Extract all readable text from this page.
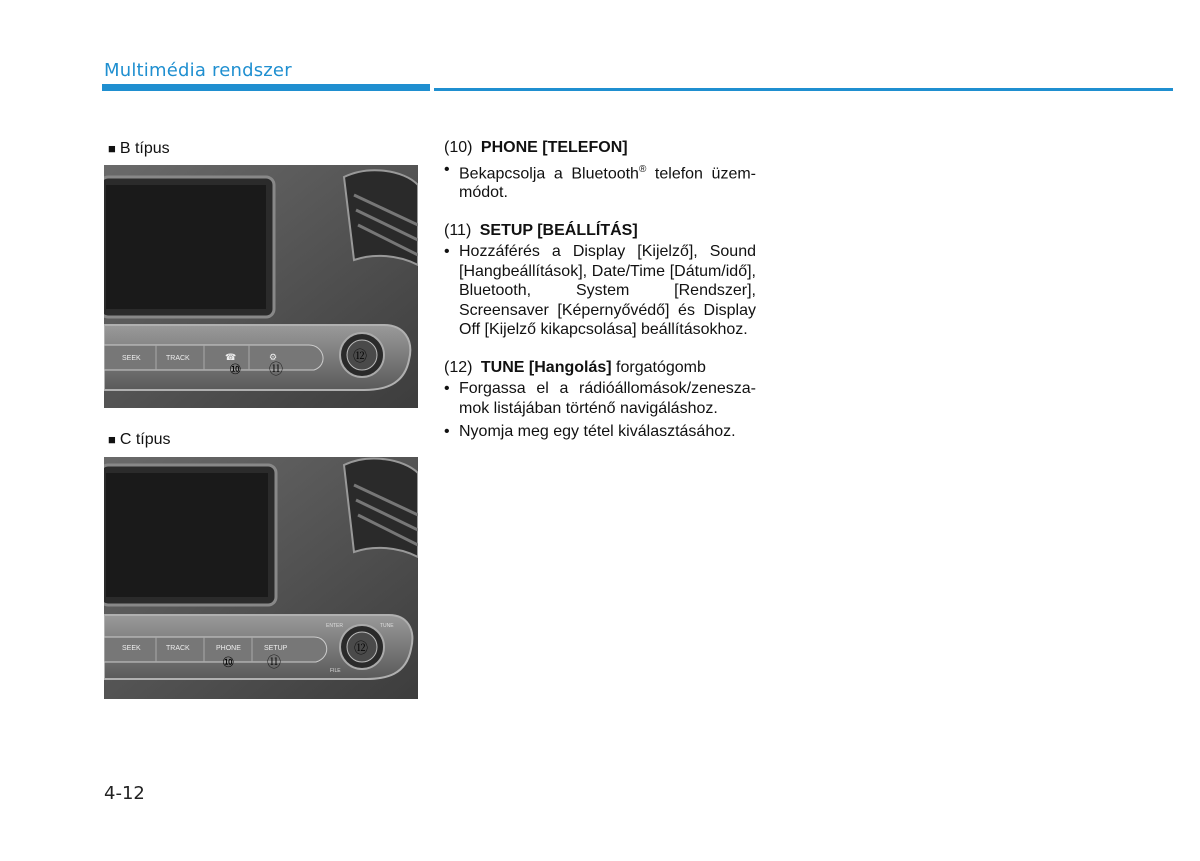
Multimédia rendszer
■ B típus
SEEK	TRACK	☎	⚙
⑩ ⑪
⑫
■ C típus
SEEK	TRACK	PHONE	SETUP
ENTER	TUNE
FILE
⑩ ⑪
⑫

(10) PHONE [TELEFON]

• Bekapcsolja a Bluetooth® telefon üzemmódot.

(11) SETUP [BEÁLLÍTÁS]

• Hozzáférés a Display [Kijelző], Sound [Hangbeállítások], Date/Time [Dátum/idő], Bluetooth, System [Rendszer], Screensaver [Képernyővédő] és Display Off [Kijelző kikapcsolása] beállításokhoz.

(12) TUNE [Hangolás] forgatógomb

• Forgassa el a rádióállomások/zeneszamok listájában történő navigáláshoz.
• Nyomja meg egy tétel kiválasztásához.
4-12
